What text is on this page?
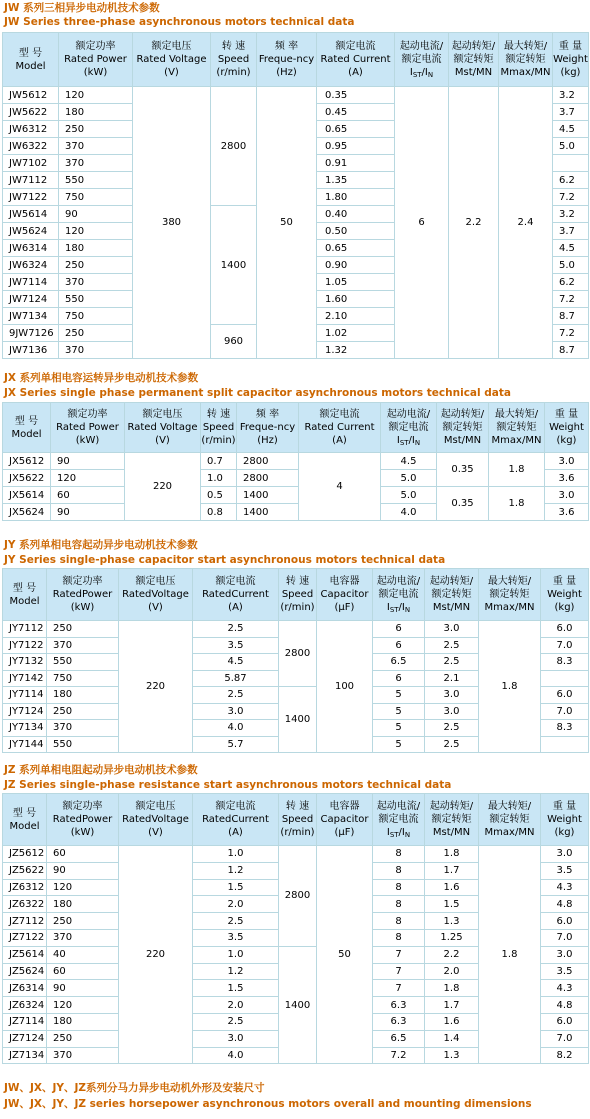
JW 系列三相异步电动机技术参数
JW Series three-phase asynchronous motors technical data
型 号
Model	额定功率
Rated Power
(kW)	额定电压
Rated Voltage
(V)	转 速
Speed
(r/min)	频 率
Freque-ncy
(Hz)	额定电流
Rated Current
(A)	起动电流/
额定电流
$I_{ST}/I_N$	起动转矩/
额定转矩
Mst/MN	最大转矩/
额定转矩
Mmax/MN	重 量
Weight
(kg)

JW5612	120	380	2800	50	0.35	6	2.2	2.4	3.2
JW5622	180				0.45				3.7
JW6312	250				0.65				4.5
JW6322	370				0.95				5.0
JW7102	370				0.91				
JW7112	550				1.35				6.2
JW7122	750				1.80				7.2
JW5614	90		1400		0.40				3.2
JW5624	120				0.50				3.7
JW6314	180				0.65				4.5
JW6324	250				0.90				5.0
JW7114	370				1.05				6.2
JW7124	550				1.60				7.2
JW7134	750				2.10				8.7
9JW7126	250		960		1.02				7.2
JW7136	370				1.32				8.7
JX 系列单相电容运转异步电动机技术参数
JX Series single phase permanent split capacitor asynchronous motors technical data
型 号
Model	额定功率
Rated Power
(kW)	额定电压
Rated Voltage
(V)	转 速
Speed
(r/min)	频 率
Freque-ncy
(Hz)	额定电流
Rated Current
(A)	起动电流/
额定电流
$I_{ST}/I_N$	起动转矩/
额定转矩
Mst/MN	最大转矩/
额定转矩
Mmax/MN	重 量
Weight
(kg)

JX5612	90	220	0.7	2800	4	4.5	0.35	1.8	3.0
JX5622	120		1.0	2800		5.0			3.6
JX5614	60		0.5	1400		5.0	0.35	1.8	3.0
JX5624	90		0.8	1400		4.0			3.6
JY 系列单相电容起动异步电动机技术参数
JY Series single-phase capacitor start asynchronous motors technical data
型 号
Model	额定功率
RatedPower
(kW)	额定电压
RatedVoltage
(V)	额定电流
RatedCurrent
(A)	转 速
Speed
(r/min)	电容器
Capacitor
(μF)	起动电流/
额定电流
$I_{ST}/I_N$	起动转矩/
额定转矩
Mst/MN	最大转矩/
额定转矩
Mmax/MN	重 量
Weight
(kg)

JY7112	250	220	2.5	2800	100	6	3.0	1.8	6.0
JY7122	370		3.5			6	2.5		7.0
JY7132	550		4.5			6.5	2.5		8.3
JY7142	750		5.87			6	2.1		
JY7114	180		2.5	1400		5	3.0		6.0
JY7124	250		3.0			5	3.0		7.0
JY7134	370		4.0			5	2.5		8.3
JY7144	550		5.7			5	2.5		
JZ 系列单相电阻起动异步电动机技术参数
JZ Series single-phase resistance start asynchronous motors technical data
型 号
Model	额定功率
RatedPower
(kW)	额定电压
RatedVoltage
(V)	额定电流
RatedCurrent
(A)	转 速
Speed
(r/min)	电容器
Capacitor
(μF)	起动电流/
额定电流
$I_{ST}/I_N$	起动转矩/
额定转矩
Mst/MN	最大转矩/
额定转矩
Mmax/MN	重 量
Weight
(kg)

JZ5612	60	220	1.0	2800	50	8	1.8	1.8	3.0
JZ5622	90		1.2			8	1.7		3.5
JZ6312	120		1.5			8	1.6		4.3
JZ6322	180		2.0			8	1.5		4.8
JZ7112	250		2.5			8	1.3		6.0
JZ7122	370		3.5			8	1.25		7.0
JZ5614	40		1.0	1400		7	2.2		3.0
JZ5624	60		1.2			7	2.0		3.5
JZ6314	90		1.5			7	1.8		4.3
JZ6324	120		2.0			6.3	1.7		4.8
JZ7114	180		2.5			6.3	1.6		6.0
JZ7124	250		3.0			6.5	1.4		7.0
JZ7134	370		4.0			7.2	1.3		8.2
JW、JX、JY、JZ系列分马力异步电动机外形及安装尺寸
JW、JX、JY、JZ series horsepower asynchronous motors overall and mounting dimensions
